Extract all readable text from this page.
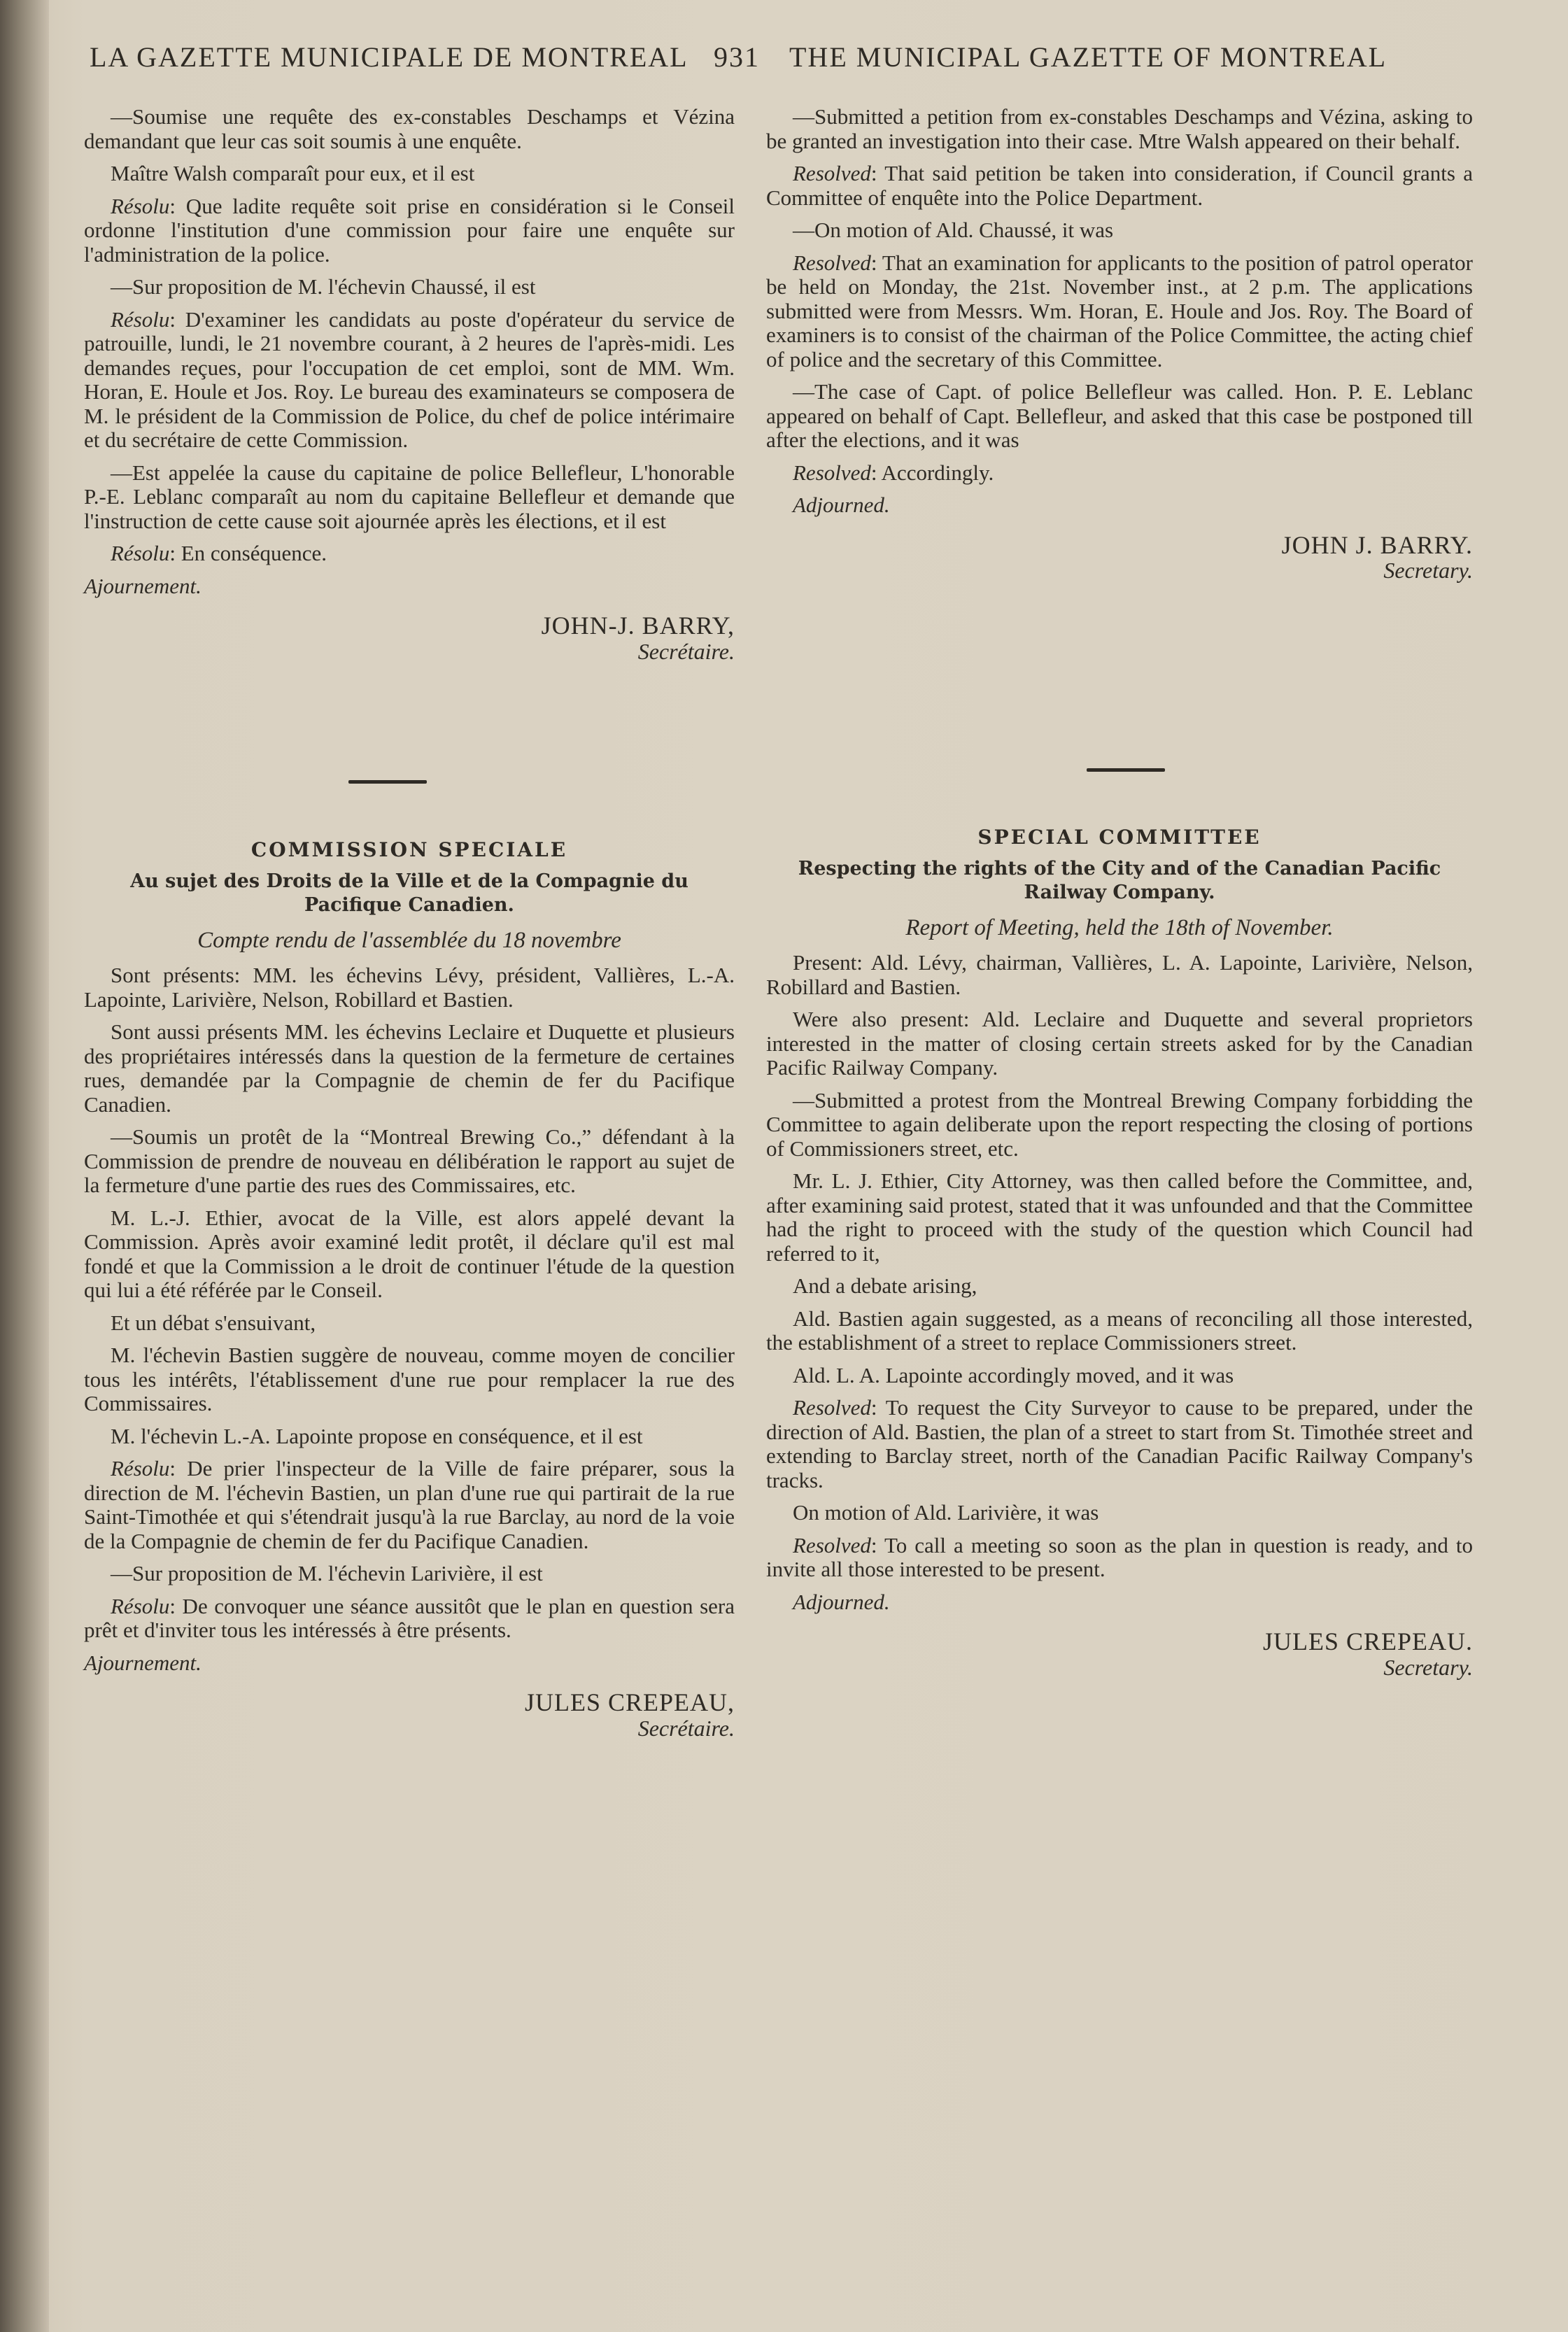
LA GAZETTE MUNICIPALE DE MONTREAL 931 THE MUNICIPAL GAZETTE OF MONTREAL

—Soumise une requête des ex-constables Deschamps et Vézina demandant que leur cas soit soumis à une enquête.

Maître Walsh comparaît pour eux, et il est

Résolu: Que ladite requête soit prise en considération si le Conseil ordonne l'institution d'une commission pour faire une enquête sur l'administration de la police.

—Sur proposition de M. l'échevin Chaussé, il est

Résolu: D'examiner les candidats au poste d'opérateur du service de patrouille, lundi, le 21 novembre courant, à 2 heures de l'après-midi. Les demandes reçues, pour l'occupation de cet emploi, sont de MM. Wm. Horan, E. Houle et Jos. Roy. Le bureau des examinateurs se composera de M. le président de la Commission de Police, du chef de police intérimaire et du secrétaire de cette Commission.

—Est appelée la cause du capitaine de police Bellefleur, L'honorable P.-E. Leblanc comparaît au nom du capitaine Bellefleur et demande que l'instruction de cette cause soit ajournée après les élections, et il est

Résolu: En conséquence.

Ajournement.

JOHN-J. BARRY,
Secrétaire.

—Submitted a petition from ex-constables Deschamps and Vézina, asking to be granted an investigation into their case. Mtre Walsh appeared on their behalf.

Resolved: That said petition be taken into consideration, if Council grants a Committee of enquête into the Police Department.

—On motion of Ald. Chaussé, it was

Resolved: That an examination for applicants to the position of patrol operator be held on Monday, the 21st. November inst., at 2 p.m. The applications submitted were from Messrs. Wm. Horan, E. Houle and Jos. Roy. The Board of examiners is to consist of the chairman of the Police Committee, the acting chief of police and the secretary of this Committee.

—The case of Capt. of police Bellefleur was called. Hon. P. E. Leblanc appeared on behalf of Capt. Bellefleur, and asked that this case be postponed till after the elections, and it was

Resolved: Accordingly.

Adjourned.

JOHN J. BARRY.
Secretary.
COMMISSION SPECIALE
Au sujet des Droits de la Ville et de la Compagnie du Pacifique Canadien.
Compte rendu de l'assemblée du 18 novembre

Sont présents: MM. les échevins Lévy, président, Vallières, L.-A. Lapointe, Larivière, Nelson, Robillard et Bastien.

Sont aussi présents MM. les échevins Leclaire et Duquette et plusieurs des propriétaires intéressés dans la question de la fermeture de certaines rues, demandée par la Compagnie de chemin de fer du Pacifique Canadien.

—Soumis un protêt de la “Montreal Brewing Co.,” défendant à la Commission de prendre de nouveau en délibération le rapport au sujet de la fermeture d'une partie des rues des Commissaires, etc.

M. L.-J. Ethier, avocat de la Ville, est alors appelé devant la Commission. Après avoir examiné ledit protêt, il déclare qu'il est mal fondé et que la Commission a le droit de continuer l'étude de la question qui lui a été référée par le Conseil.

Et un débat s'ensuivant,

M. l'échevin Bastien suggère de nouveau, comme moyen de concilier tous les intérêts, l'établissement d'une rue pour remplacer la rue des Commissaires.

M. l'échevin L.-A. Lapointe propose en conséquence, et il est

Résolu: De prier l'inspecteur de la Ville de faire préparer, sous la direction de M. l'échevin Bastien, un plan d'une rue qui partirait de la rue Saint-Timothée et qui s'étendrait jusqu'à la rue Barclay, au nord de la voie de la Compagnie de chemin de fer du Pacifique Canadien.

—Sur proposition de M. l'échevin Larivière, il est

Résolu: De convoquer une séance aussitôt que le plan en question sera prêt et d'inviter tous les intéressés à être présents.

Ajournement.

JULES CREPEAU,
Secrétaire.
SPECIAL COMMITTEE
Respecting the rights of the City and of the Canadian Pacific Railway Company.
Report of Meeting, held the 18th of November.

Present: Ald. Lévy, chairman, Vallières, L. A. Lapointe, Larivière, Nelson, Robillard and Bastien.

Were also present: Ald. Leclaire and Duquette and several proprietors interested in the matter of closing certain streets asked for by the Canadian Pacific Railway Company.

—Submitted a protest from the Montreal Brewing Company forbidding the Committee to again deliberate upon the report respecting the closing of portions of Commissioners street, etc.

Mr. L. J. Ethier, City Attorney, was then called before the Committee, and, after examining said protest, stated that it was unfounded and that the Committee had the right to proceed with the study of the question which Council had referred to it,

And a debate arising,

Ald. Bastien again suggested, as a means of reconciling all those interested, the establishment of a street to replace Commissioners street.

Ald. L. A. Lapointe accordingly moved, and it was

Resolved: To request the City Surveyor to cause to be prepared, under the direction of Ald. Bastien, the plan of a street to start from St. Timothée street and extending to Barclay street, north of the Canadian Pacific Railway Company's tracks.

On motion of Ald. Larivière, it was

Resolved: To call a meeting so soon as the plan in question is ready, and to invite all those interested to be present.

Adjourned.

JULES CREPEAU.
Secretary.
